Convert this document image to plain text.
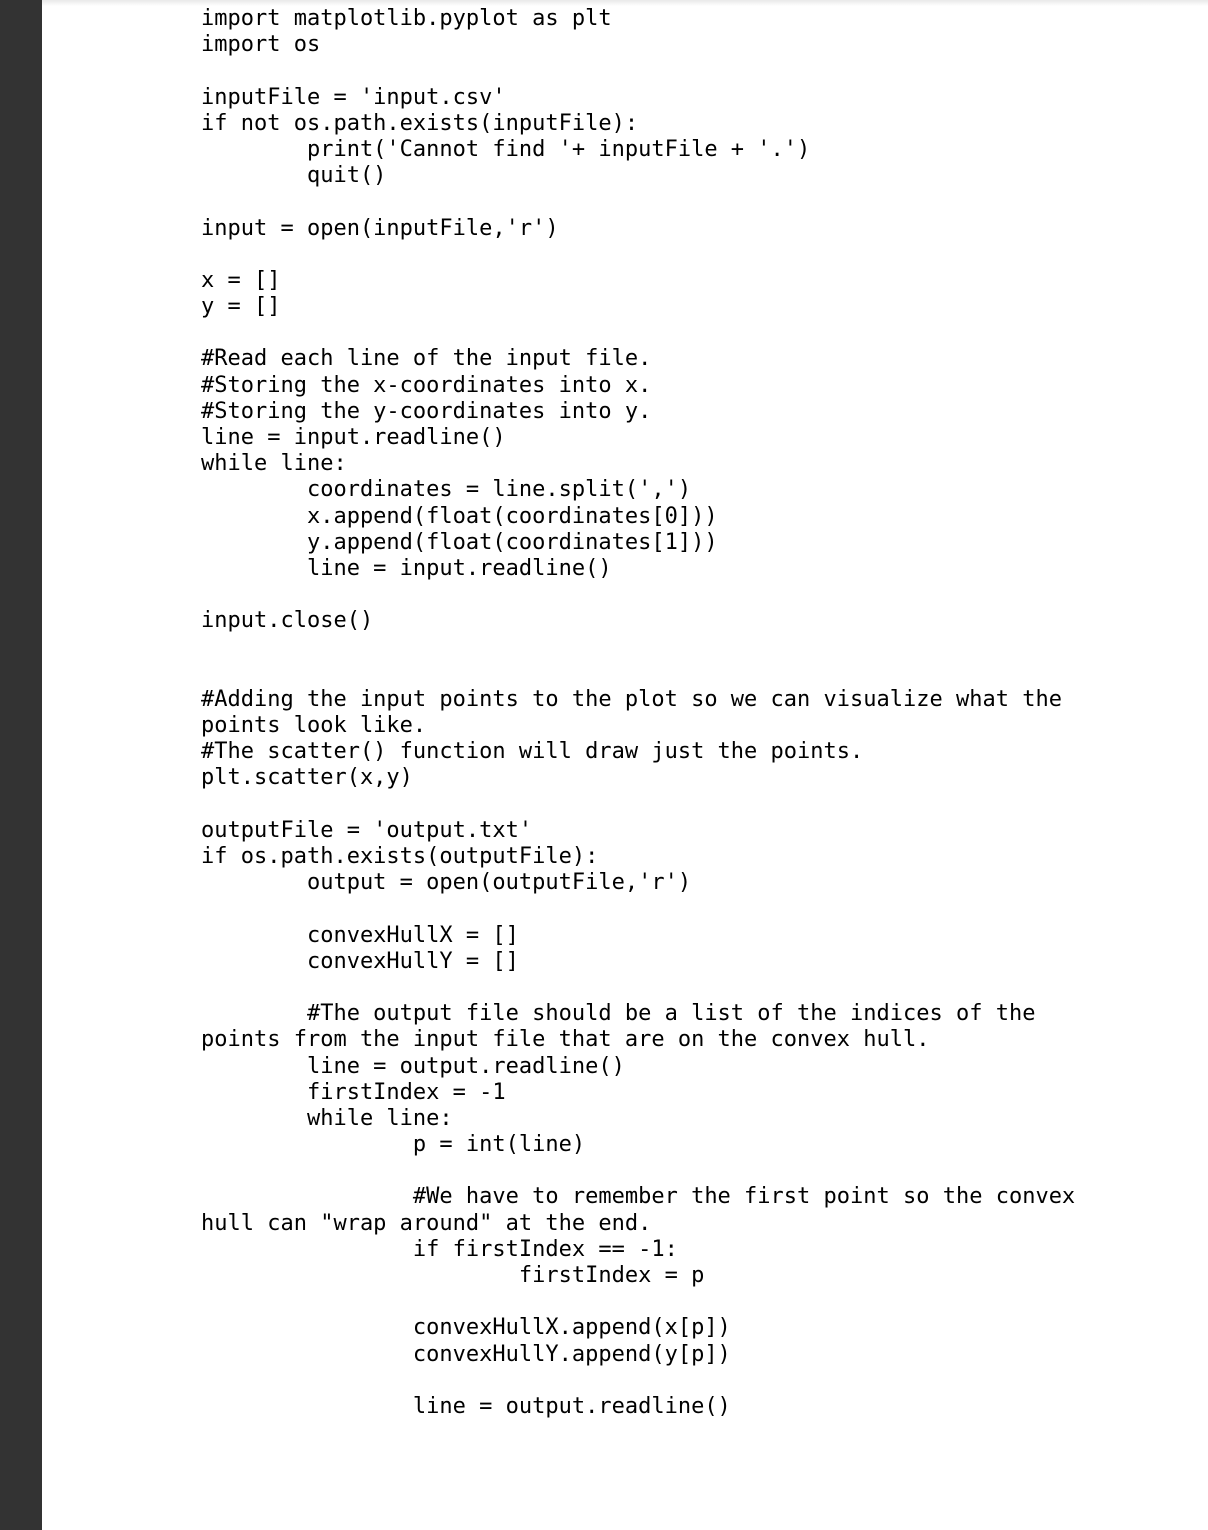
import matplotlib.pyplot as plt
import os
inputFile = 'input.csv'
if not os.path.exists(inputFile):
print('Cannot find '+ inputFile + '.')
quit()
input = open(inputFile,'r')
x = []
y = []
#Read each line of the input file.
#Storing the x-coordinates into x.
#Storing the y-coordinates into y.
line = input.readline()
while line:
coordinates = line.split(',')
x.append(float(coordinates[0]))
y.append(float(coordinates[1]))
line = input.readline()
input.close()
#Adding the input points to the plot so we can visualize what the
points look like.
#The scatter() function will draw just the points.
plt.scatter(x,y)
outputFile = 'output.txt'
if os.path.exists(outputFile):
output = open(outputFile,'r')
convexHullX = []
convexHullY = []
#The output file should be a list of the indices of the
points from the input file that are on the convex hull.
line = output.readline()
firstIndex = -1
while line:
p = int(line)
#We have to remember the first point so the convex
hull can "wrap around" at the end.
if firstIndex == -1:
firstIndex = p
convexHullX.append(x[p])
convexHullY.append(y[p])
line = output.readline()
